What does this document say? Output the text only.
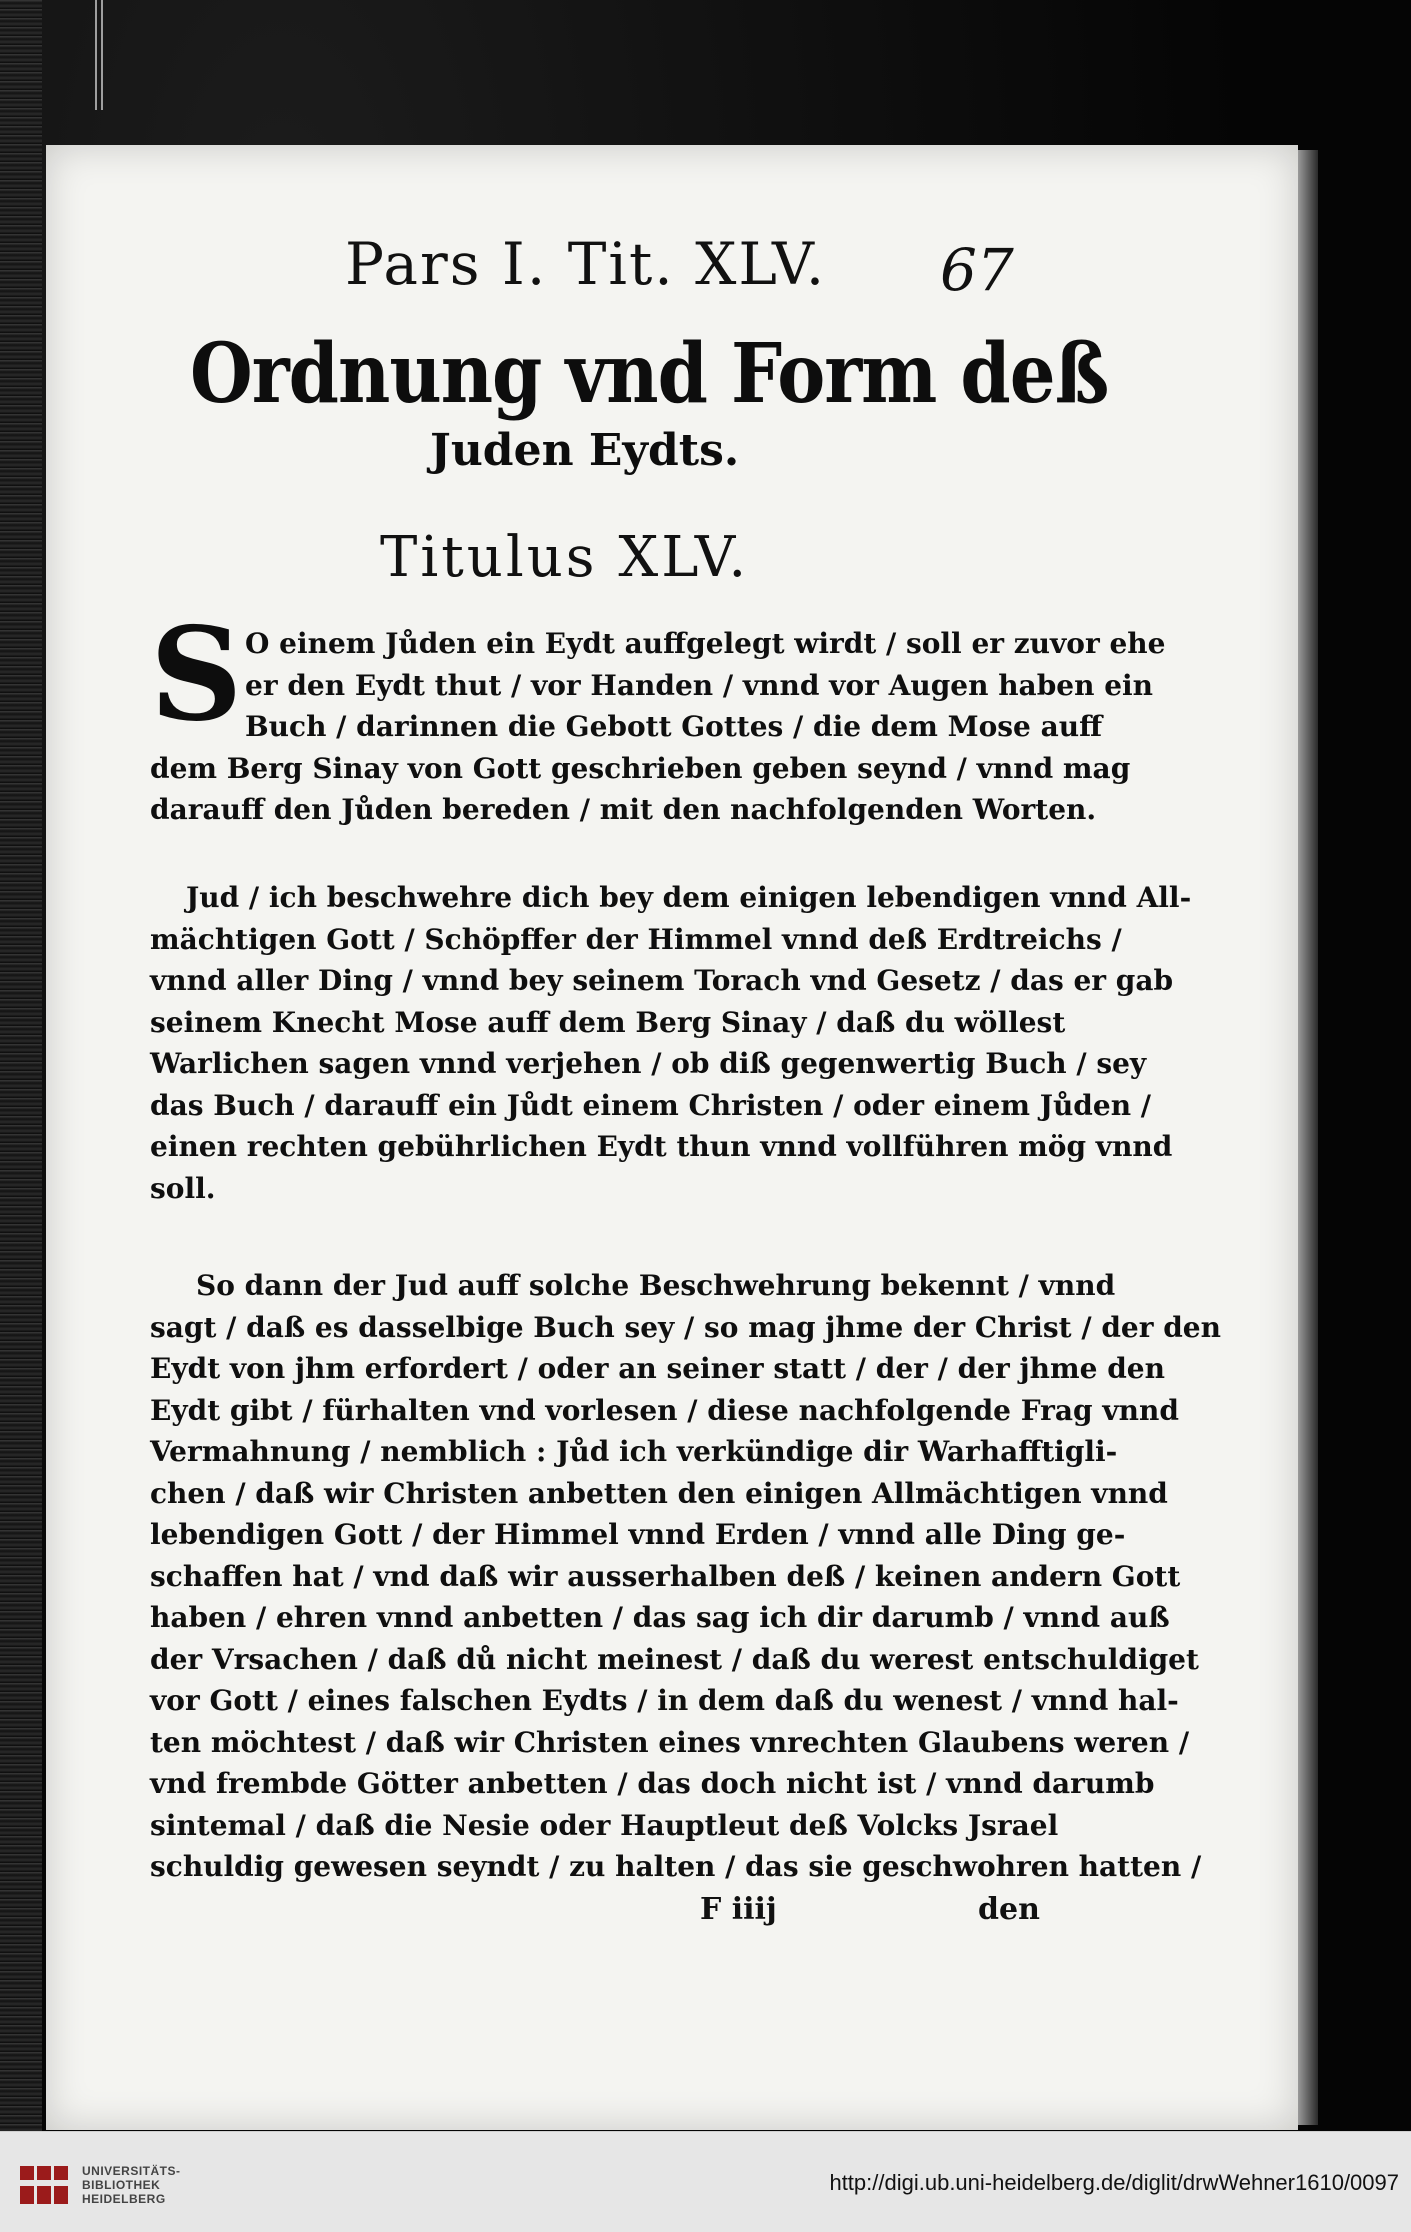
Pars I. Tit. XLV. 67
Ordnung vnd Form deß
Juden Eydts.
Titulus XLV.
S O einem Jůden ein Eydt auffgelegt wirdt / soll er zuvor ehe
er den Eydt thut / vor Handen / vnnd vor Augen haben ein
Buch / darinnen die Gebott Gottes / die dem Mose auff
dem Berg Sinay von Gott geschrieben geben seynd / vnnd mag
darauff den Jůden bereden / mit den nachfolgenden Worten.
Jud / ich beschwehre dich bey dem einigen lebendigen vnnd All-
mächtigen Gott / Schöpffer der Himmel vnnd deß Erdtreichs /
vnnd aller Ding / vnnd bey seinem Torach vnd Gesetz / das er gab
seinem Knecht Mose auff dem Berg Sinay / daß du wöllest
Warlichen sagen vnnd verjehen / ob diß gegenwertig Buch / sey
das Buch / darauff ein Jůdt einem Christen / oder einem Jůden /
einen rechten gebührlichen Eydt thun vnnd vollführen mög vnnd
soll.
So dann der Jud auff solche Beschwehrung bekennt / vnnd
sagt / daß es dasselbige Buch sey / so mag jhme der Christ / der den
Eydt von jhm erfordert / oder an seiner statt / der / der jhme den
Eydt gibt / fürhalten vnd vorlesen / diese nachfolgende Frag vnnd
Vermahnung / nemblich : Jůd ich verkündige dir Warhafftigli-
chen / daß wir Christen anbetten den einigen Allmächtigen vnnd
lebendigen Gott / der Himmel vnnd Erden / vnnd alle Ding ge-
schaffen hat / vnd daß wir ausserhalben deß / keinen andern Gott
haben / ehren vnnd anbetten / das sag ich dir darumb / vnnd auß
der Vrsachen / daß dů nicht meinest / daß du werest entschuldiget
vor Gott / eines falschen Eydts / in dem daß du wenest / vnnd hal-
ten möchtest / daß wir Christen eines vnrechten Glaubens weren /
vnd frembde Götter anbetten / das doch nicht ist / vnnd darumb
sintemal / daß die Nesie oder Hauptleut deß Volcks Jsrael
schuldig gewesen seyndt / zu halten / das sie geschwohren hatten /
F iiij	den
UNIVERSITÄTS-
BIBLIOTHEK
HEIDELBERG
http://digi.ub.uni-heidelberg.de/diglit/drwWehner1610/0097
